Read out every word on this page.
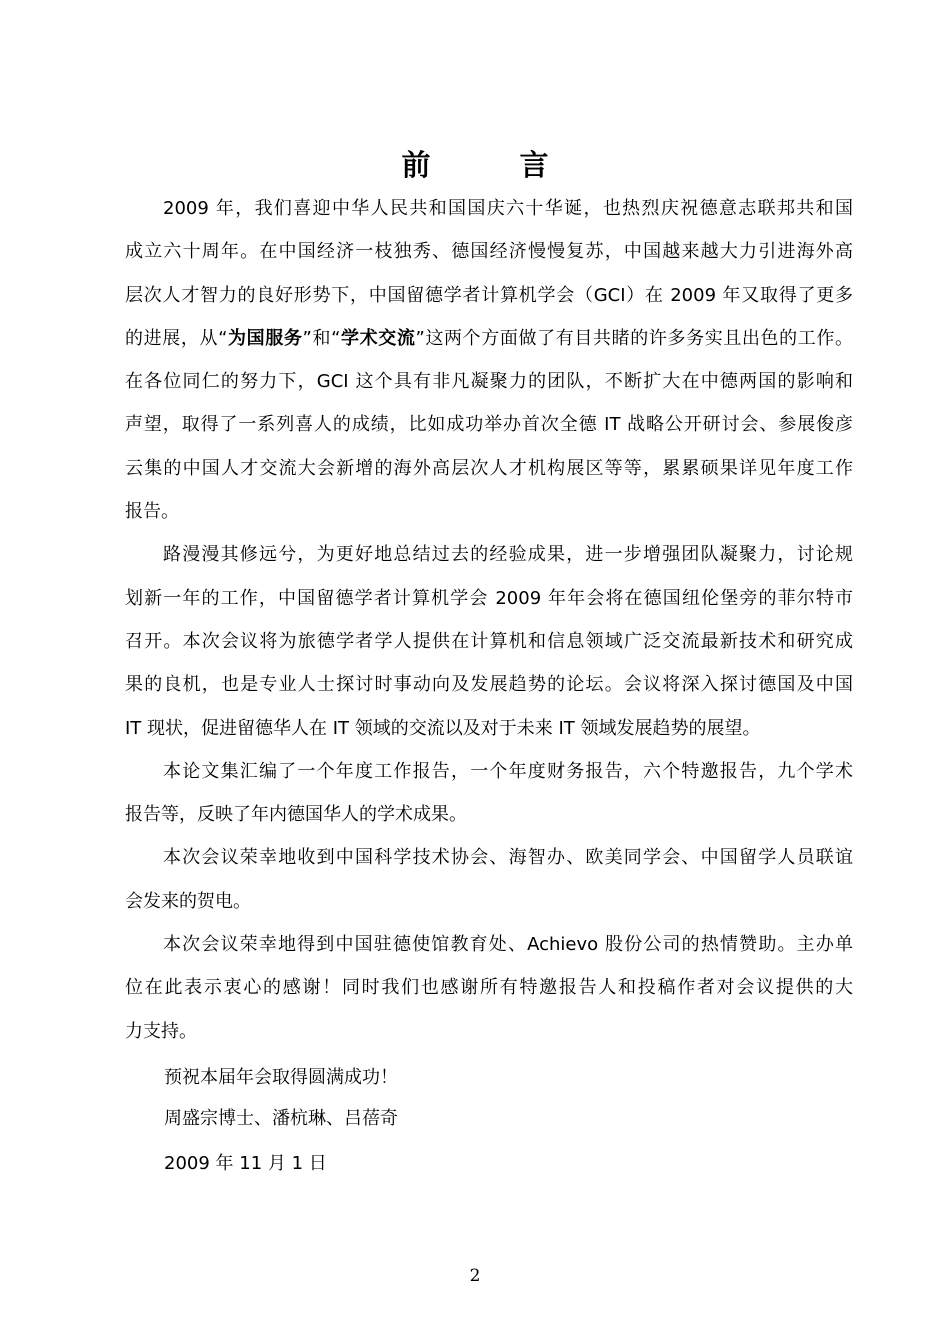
前　言

2009 年，我们喜迎中华人民共和国国庆六十华诞，也热烈庆祝德意志联邦共和国
成立六十周年。在中国经济一枝独秀、德国经济慢慢复苏，中国越来越大力引进海外高
层次人才智力的良好形势下，中国留德学者计算机学会（GCI）在 2009 年又取得了更多
的进展，从“为国服务”和“学术交流”这两个方面做了有目共睹的许多务实且出色的工作。
在各位同仁的努力下，GCI 这个具有非凡凝聚力的团队，不断扩大在中德两国的影响和
声望，取得了一系列喜人的成绩，比如成功举办首次全德 IT 战略公开研讨会、参展俊彦
云集的中国人才交流大会新增的海外高层次人才机构展区等等，累累硕果详见年度工作
报告。

路漫漫其修远兮，为更好地总结过去的经验成果，进一步增强团队凝聚力，讨论规
划新一年的工作，中国留德学者计算机学会 2009 年年会将在德国纽伦堡旁的菲尔特市
召开。本次会议将为旅德学者学人提供在计算机和信息领域广泛交流最新技术和研究成
果的良机，也是专业人士探讨时事动向及发展趋势的论坛。会议将深入探讨德国及中国
IT 现状，促进留德华人在 IT 领域的交流以及对于未来 IT 领域发展趋势的展望。

本论文集汇编了一个年度工作报告，一个年度财务报告，六个特邀报告，九个学术
报告等，反映了年内德国华人的学术成果。

本次会议荣幸地收到中国科学技术协会、海智办、欧美同学会、中国留学人员联谊
会发来的贺电。

本次会议荣幸地得到中国驻德使馆教育处、Achievo 股份公司的热情赞助。主办单
位在此表示衷心的感谢！同时我们也感谢所有特邀报告人和投稿作者对会议提供的大
力支持。

预祝本届年会取得圆满成功！

周盛宗博士、潘杭琳、吕蓓奇

2009 年 11 月 1 日

2
